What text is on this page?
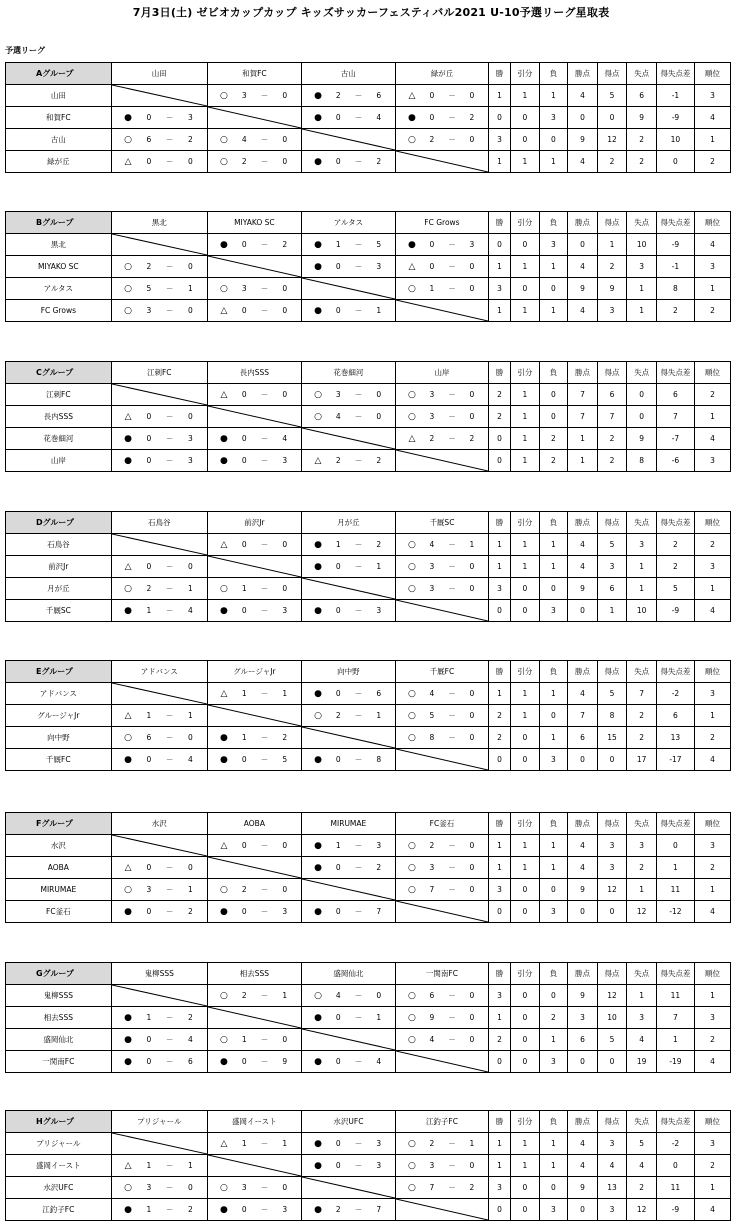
7月3日(土) ゼビオカップカップ キッズサッカーフェスティバル2021 U-10予選リーグ星取表
予選リーグ
Aグループ	山田	和賀FC	古山	緑が丘	勝	引分	負	勝点	得点	失点	得失点差	順位
山田		○ 3 － 0	● 2 － 6	△ 0 － 0	1	1	1	4	5	6	-1	3
和賀FC	● 0 － 3		● 0 － 4	● 0 － 2	0	0	3	0	0	9	-9	4
古山	○ 6 － 2	○ 4 － 0		○ 2 － 0	3	0	0	9	12	2	10	1
緑が丘	△ 0 － 0	○ 2 － 0	● 0 － 2		1	1	1	4	2	2	0	2
Bグループ	黒北	MIYAKO SC	アルタス	FC Grows	勝	引分	負	勝点	得点	失点	得失点差	順位
黒北		● 0 － 2	● 1 － 5	● 0 － 3	0	0	3	0	1	10	-9	4
MIYAKO SC	○ 2 － 0		● 0 － 3	△ 0 － 0	1	1	1	4	2	3	-1	3
アルタス	○ 5 － 1	○ 3 － 0		○ 1 － 0	3	0	0	9	9	1	8	1
FC Grows	○ 3 － 0	△ 0 － 0	● 0 － 1		1	1	1	4	3	1	2	2
Cグループ	江刺FC	長内SSS	花巻細河	山岸	勝	引分	負	勝点	得点	失点	得失点差	順位
江刺FC		△ 0 － 0	○ 3 － 0	○ 3 － 0	2	1	0	7	6	0	6	2
長内SSS	△ 0 － 0		○ 4 － 0	○ 3 － 0	2	1	0	7	7	0	7	1
花巻細河	● 0 － 3	● 0 － 4		△ 2 － 2	0	1	2	1	2	9	-7	4
山岸	● 0 － 3	● 0 － 3	△ 2 － 2		0	1	2	1	2	8	-6	3
Dグループ	石鳥谷	前沢Jr	月が丘	千厩SC	勝	引分	負	勝点	得点	失点	得失点差	順位
石鳥谷		△ 0 － 0	● 1 － 2	○ 4 － 1	1	1	1	4	5	3	2	2
前沢Jr	△ 0 － 0		● 0 － 1	○ 3 － 0	1	1	1	4	3	1	2	3
月が丘	○ 2 － 1	○ 1 － 0		○ 3 － 0	3	0	0	9	6	1	5	1
千厩SC	● 1 － 4	● 0 － 3	● 0 － 3		0	0	3	0	1	10	-9	4
Eグループ	アドバンス	グルージャJr	向中野	千厩FC	勝	引分	負	勝点	得点	失点	得失点差	順位
アドバンス		△ 1 － 1	● 0 － 6	○ 4 － 0	1	1	1	4	5	7	-2	3
グルージャJr	△ 1 － 1		○ 2 － 1	○ 5 － 0	2	1	0	7	8	2	6	1
向中野	○ 6 － 0	● 1 － 2		○ 8 － 0	2	0	1	6	15	2	13	2
千厩FC	● 0 － 4	● 0 － 5	● 0 － 8		0	0	3	0	0	17	-17	4
Fグループ	水沢	AOBA	MIRUMAE	FC釜石	勝	引分	負	勝点	得点	失点	得失点差	順位
水沢		△ 0 － 0	● 1 － 3	○ 2 － 0	1	1	1	4	3	3	0	3
AOBA	△ 0 － 0		● 0 － 2	○ 3 － 0	1	1	1	4	3	2	1	2
MIRUMAE	○ 3 － 1	○ 2 － 0		○ 7 － 0	3	0	0	9	12	1	11	1
FC釜石	● 0 － 2	● 0 － 3	● 0 － 7		0	0	3	0	0	12	-12	4
Gグループ	鬼柳SSS	相去SSS	盛岡仙北	一関南FC	勝	引分	負	勝点	得点	失点	得失点差	順位
鬼柳SSS		○ 2 － 1	○ 4 － 0	○ 6 － 0	3	0	0	9	12	1	11	1
相去SSS	● 1 － 2		● 0 － 1	○ 9 － 0	1	0	2	3	10	3	7	3
盛岡仙北	● 0 － 4	○ 1 － 0		○ 4 － 0	2	0	1	6	5	4	1	2
一関南FC	● 0 － 6	● 0 － 9	● 0 － 4		0	0	3	0	0	19	-19	4
Hグループ	プリジャール	盛岡イースト	水沢UFC	江釣子FC	勝	引分	負	勝点	得点	失点	得失点差	順位
プリジャール		△ 1 － 1	● 0 － 3	○ 2 － 1	1	1	1	4	3	5	-2	3
盛岡イースト	△ 1 － 1		● 0 － 3	○ 3 － 0	1	1	1	4	4	4	0	2
水沢UFC	○ 3 － 0	○ 3 － 0		○ 7 － 2	3	0	0	9	13	2	11	1
江釣子FC	● 1 － 2	● 0 － 3	● 2 － 7		0	0	3	0	3	12	-9	4
